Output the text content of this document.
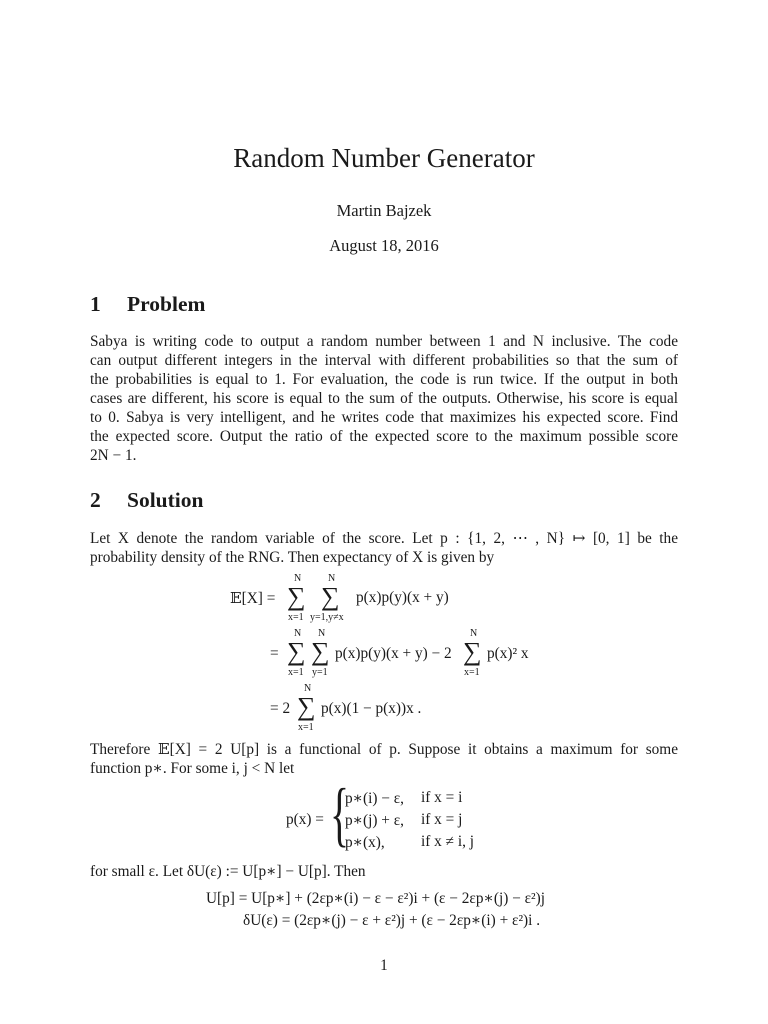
Random Number Generator
Martin Bajzek
August 18, 2016
1 Problem
Sabya is writing code to output a random number between 1 and N inclusive. The code
can output different integers in the interval with different probabilities so that the sum of
the probabilities is equal to 1. For evaluation, the code is run twice. If the output in both
cases are different, his score is equal to the sum of the outputs. Otherwise, his score is equal
to 0. Sabya is very intelligent, and he writes code that maximizes his expected score. Find
the expected score. Output the ratio of the expected score to the maximum possible score
2N − 1.
2 Solution
Let X denote the random variable of the score. Let p : {1, 2, ⋯ , N} ↦ [0, 1] be the
probability density of the RNG. Then expectancy of X is given by
𝔼[X] =
N
∑
x=1
N
∑
y=1,y≠x
p(x)p(y)(x + y)
=
N
∑
x=1
N
∑
y=1
p(x)p(y)(x + y) − 2
N
∑
x=1
p(x)² x
= 2
N
∑
x=1
p(x)(1 − p(x))x .
Therefore 𝔼[X] = 2 U[p] is a functional of p. Suppose it obtains a maximum for some
function p∗. For some i, j < N let
p(x) = {
p∗(i) − ε, if x = i
p∗(j) + ε, if x = j
p∗(x), if x ≠ i, j
for small ε. Let δU(ε) := U[p∗] − U[p]. Then
U[p] = U[p∗] + (2εp∗(i) − ε − ε²)i + (ε − 2εp∗(j) − ε²)j
δU(ε) = (2εp∗(j) − ε + ε²)j + (ε − 2εp∗(i) + ε²)i .
1
